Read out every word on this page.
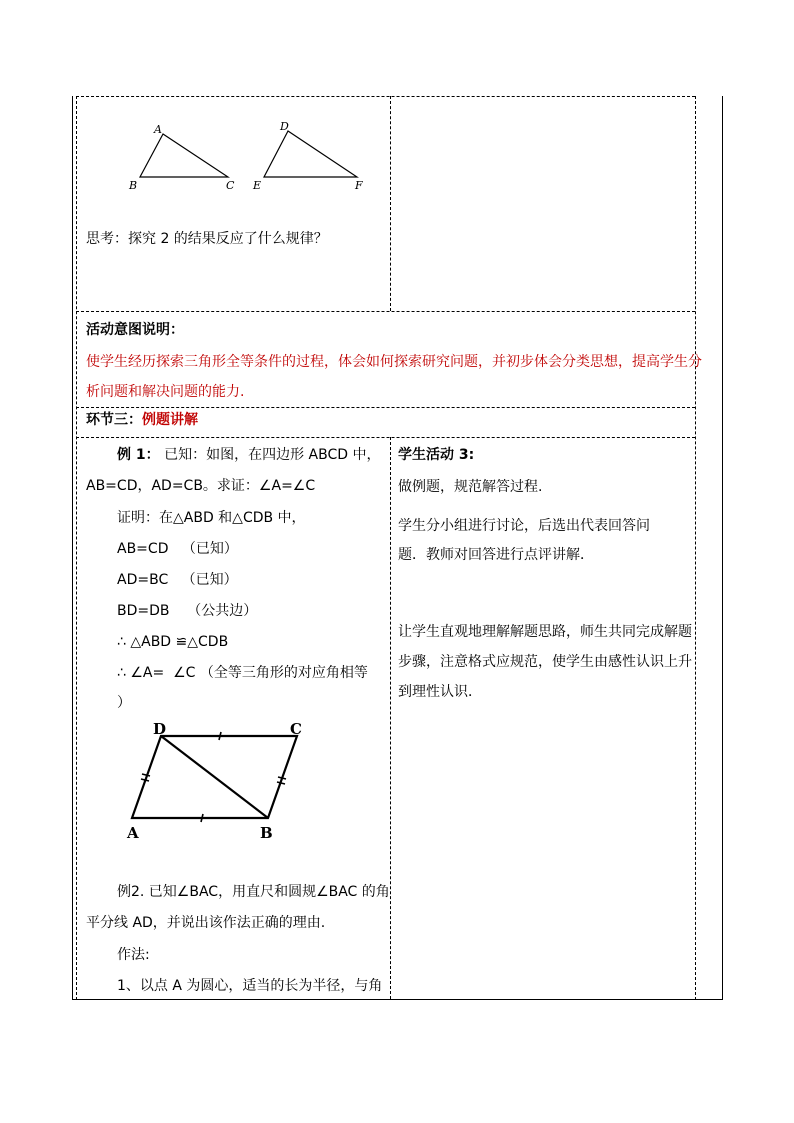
A
B	C
D
E	F
思考：探究 2 的结果反应了什么规律？
活动意图说明：
使学生经历探索三角形全等条件的过程，体会如何探索研究问题，并初步体会分类思想，提高学生分
析问题和解决问题的能力.
环节三：例题讲解
例 1： 已知：如图，在四边形 ABCD 中，
AB=CD，AD=CB。求证：∠A=∠C
证明：在△ABD 和△CDB 中，
AB=CD   （已知）
AD=BC   （已知）
BD=DB    （公共边）
∴ △ABD ≌△CDB
∴ ∠A=  ∠C （全等三角形的对应角相等
）
D	C
A	B
例2. 已知∠BAC，用直尺和圆规∠BAC 的角
平分线 AD，并说出该作法正确的理由.
作法:
1、以点 A 为圆心，适当的长为半径，与角
学生活动 3:
做例题，规范解答过程.
学生分小组进行讨论，后选出代表回答问
题．教师对回答进行点评讲解．
让学生直观地理解解题思路，师生共同完成解题
步骤，注意格式应规范，使学生由感性认识上升
到理性认识．
